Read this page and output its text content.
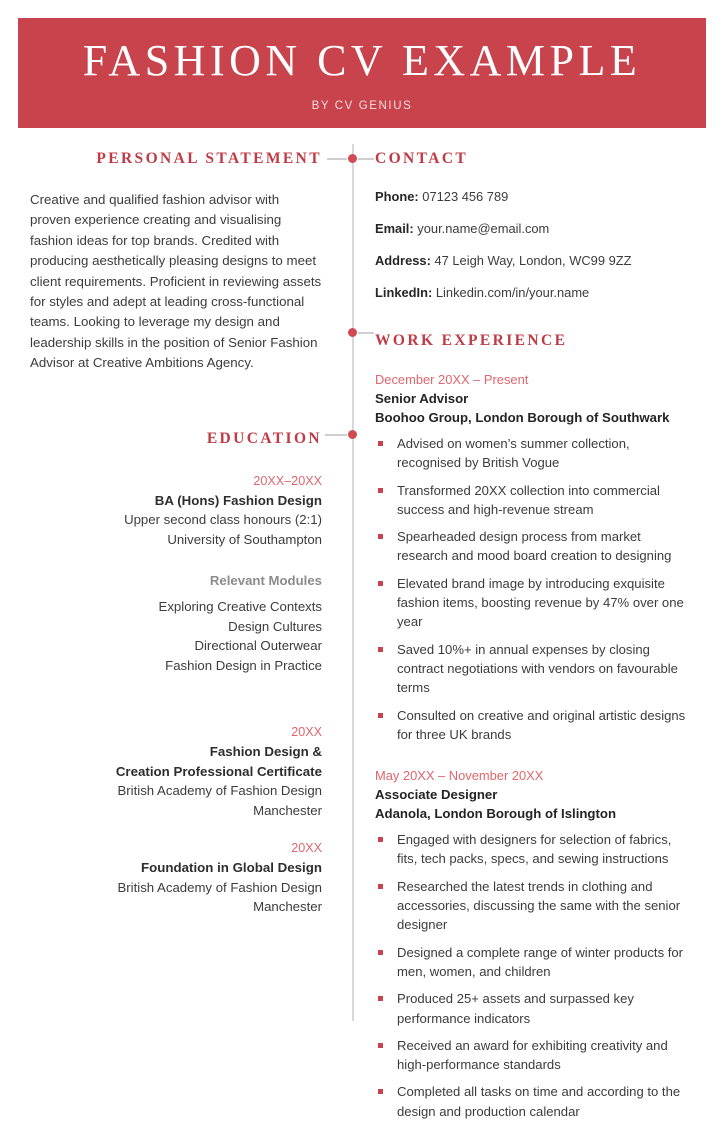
FASHION CV EXAMPLE
BY CV GENIUS
PERSONAL STATEMENT
Creative and qualified fashion advisor with proven experience creating and visualising fashion ideas for top brands. Credited with producing aesthetically pleasing designs to meet client requirements. Proficient in reviewing assets for styles and adept at leading cross-functional teams. Looking to leverage my design and leadership skills in the position of Senior Fashion Advisor at Creative Ambitions Agency.
EDUCATION
20XX–20XX
BA (Hons) Fashion Design
Upper second class honours (2:1)
University of Southampton
Relevant Modules
Exploring Creative Contexts
Design Cultures
Directional Outerwear
Fashion Design in Practice
20XX
Fashion Design &
Creation Professional Certificate
British Academy of Fashion Design
Manchester
20XX
Foundation in Global Design
British Academy of Fashion Design
Manchester
CONTACT
Phone: 07123 456 789
Email: your.name@email.com
Address: 47 Leigh Way, London, WC99 9ZZ
LinkedIn: Linkedin.com/in/your.name
WORK EXPERIENCE
December 20XX – Present
Senior Advisor
Boohoo Group, London Borough of Southwark
Advised on women’s summer collection, recognised by British Vogue
Transformed 20XX collection into commercial success and high-revenue stream
Spearheaded design process from market research and mood board creation to designing
Elevated brand image by introducing exquisite fashion items, boosting revenue by 47% over one year
Saved 10%+ in annual expenses by closing contract negotiations with vendors on favourable terms
Consulted on creative and original artistic designs for three UK brands
May 20XX – November 20XX
Associate Designer
Adanola, London Borough of Islington
Engaged with designers for selection of fabrics, fits, tech packs, specs, and sewing instructions
Researched the latest trends in clothing and accessories, discussing the same with the senior designer
Designed a complete range of winter products for men, women, and children
Produced 25+ assets and surpassed key performance indicators
Received an award for exhibiting creativity and high-performance standards
Completed all tasks on time and according to the design and production calendar
